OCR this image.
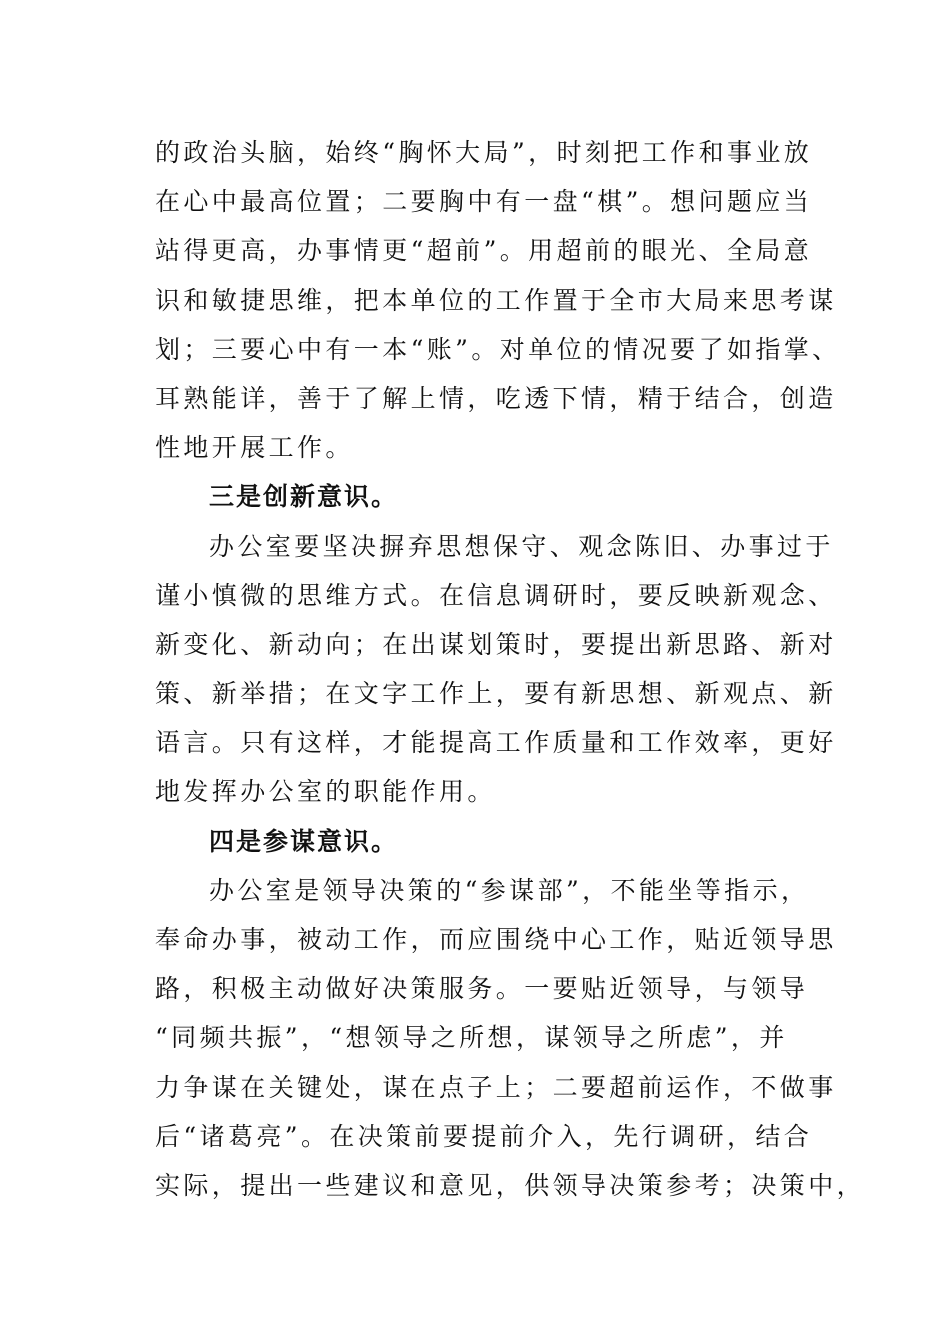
的政治头脑，始终“胸怀大局”，时刻把工作和事业放
在心中最高位置；二要胸中有一盘“棋”。想问题应当
站得更高，办事情更“超前”。用超前的眼光、全局意
识和敏捷思维，把本单位的工作置于全市大局来思考谋
划；三要心中有一本“账”。对单位的情况要了如指掌、
耳熟能详，善于了解上情，吃透下情，精于结合，创造
性地开展工作。
三是创新意识。
办公室要坚决摒弃思想保守、观念陈旧、办事过于
谨小慎微的思维方式。在信息调研时，要反映新观念、
新变化、新动向；在出谋划策时，要提出新思路、新对
策、新举措；在文字工作上，要有新思想、新观点、新
语言。只有这样，才能提高工作质量和工作效率，更好
地发挥办公室的职能作用。
四是参谋意识。
办公室是领导决策的“参谋部”，不能坐等指示，
奉命办事，被动工作，而应围绕中心工作，贴近领导思
路，积极主动做好决策服务。一要贴近领导，与领导
“同频共振”，“想领导之所想，谋领导之所虑”，并
力争谋在关键处，谋在点子上；二要超前运作，不做事
后“诸葛亮”。在决策前要提前介入，先行调研，结合
实际，提出一些建议和意见，供领导决策参考；决策中，
